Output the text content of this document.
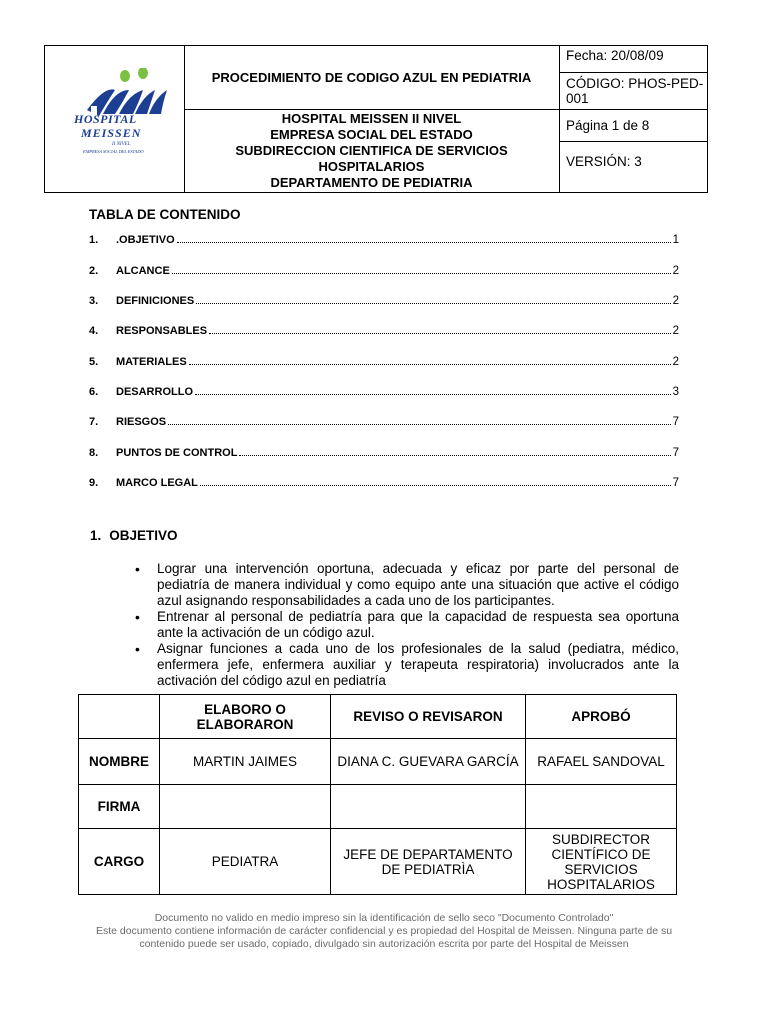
HOSPITAL
MEISSEN
II NIVEL
EMPRESA SOCIAL DEL ESTADO
PROCEDIMIENTO DE CODIGO AZUL EN PEDIATRIA
HOSPITAL MEISSEN II NIVEL
EMPRESA SOCIAL DEL ESTADO
SUBDIRECCION CIENTIFICA DE SERVICIOS
HOSPITALARIOS
DEPARTAMENTO DE PEDIATRIA
Fecha: 20/08/09
CÓDIGO: PHOS-PED-001
Página 1 de 8
VERSIÓN: 3
TABLA DE CONTENIDO
1.	.OBJETIVO	1
2.	ALCANCE	2
3.	DEFINICIONES	2
4.	RESPONSABLES	2
5.	MATERIALES	2
6.	DESARROLLO	3
7.	RIESGOS	7
8.	PUNTOS DE CONTROL	7
9.	MARCO LEGAL	7
1. OBJETIVO
• Lograr una intervención oportuna, adecuada y eficaz por parte del personal de pediatría de manera individual y como equipo ante una situación que active el código azul asignando responsabilidades a cada uno de los participantes.
• Entrenar al personal de pediatría para que la capacidad de respuesta sea oportuna ante la activación de un código azul.
• Asignar funciones a cada uno de los profesionales de la salud (pediatra, médico, enfermera jefe, enfermera auxiliar y terapeuta respiratoria) involucrados ante la activación del código azul en pediatría
	ELABORO O ELABORARON	REVISO O REVISARON	APROBÓ
NOMBRE	MARTIN JAIMES	DIANA C. GUEVARA GARCÍA	RAFAEL SANDOVAL
FIRMA			
CARGO	PEDIATRA	JEFE DE DEPARTAMENTO DE PEDIATRÌA	SUBDIRECTOR CIENTÍFICO DE SERVICIOS HOSPITALARIOS
Documento no valido en medio impreso sin la identificación de sello seco "Documento Controlado"
Este documento contiene información de carácter confidencial y es propiedad del Hospital de Meissen. Ninguna parte de su contenido puede ser usado, copiado, divulgado sin autorización escrita por parte del Hospital de Meissen
